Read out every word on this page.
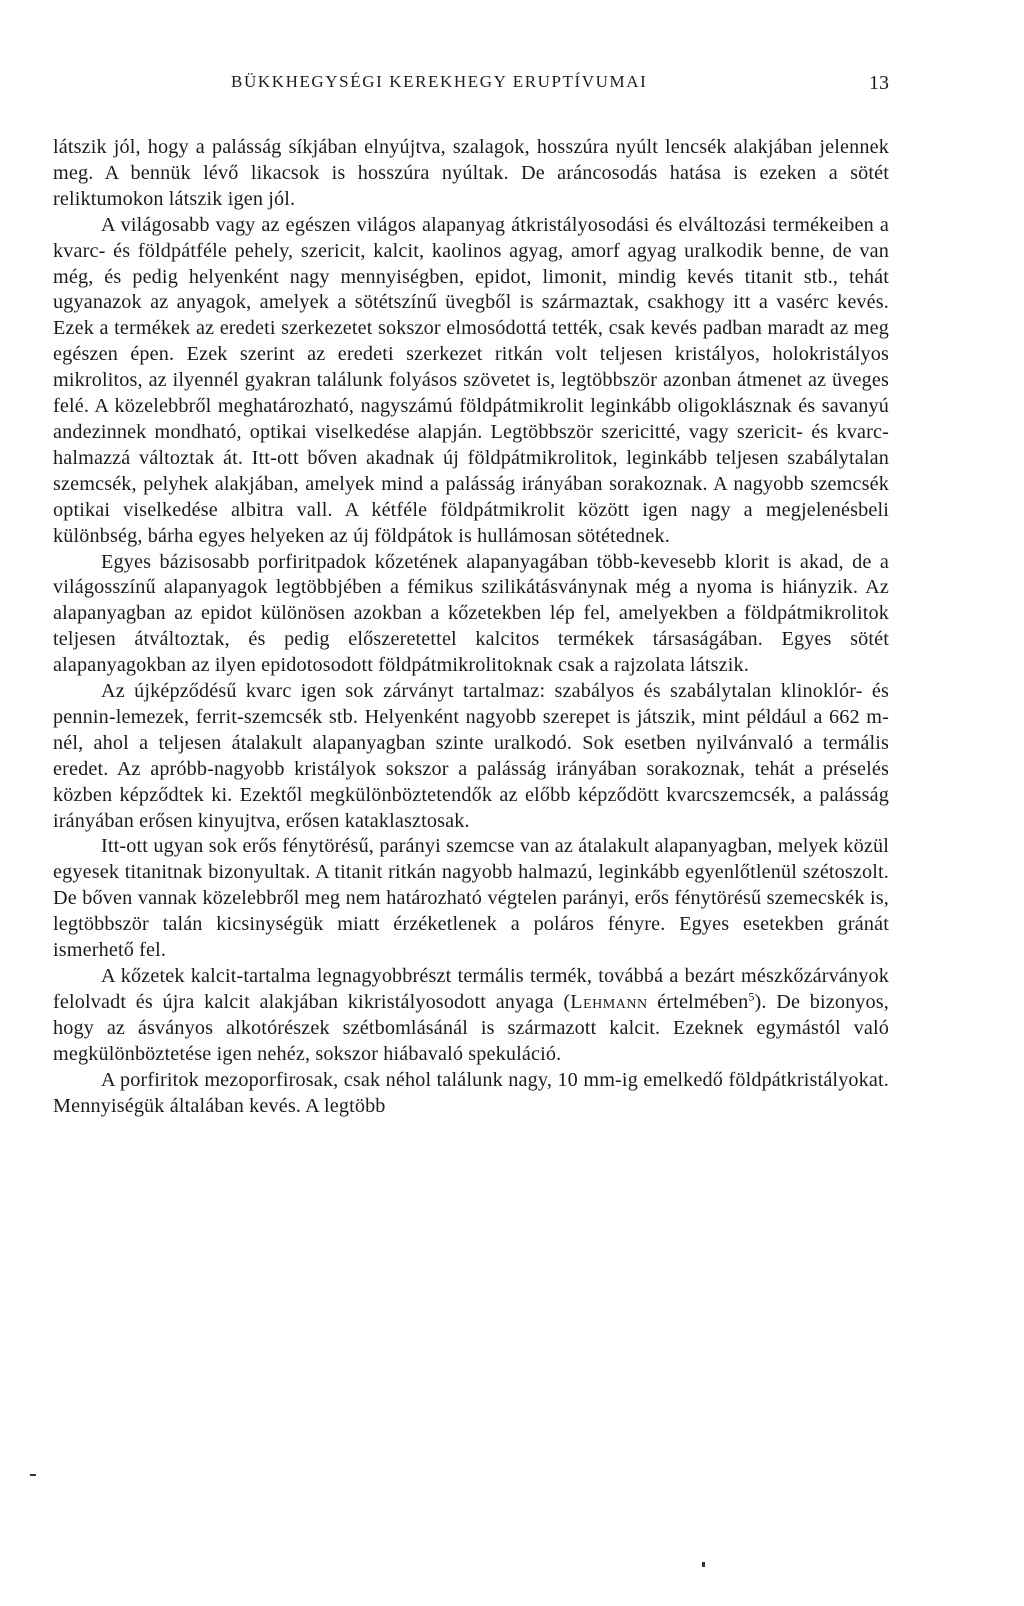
BÜKKHEGYSÉGI KEREKHEGY ERUPTÍVUMAI	13

látszik jól, hogy a palásság síkjában elnyújtva, szalagok, hosszúra nyúlt lencsék alakjában jelennek meg. A bennük lévő likacsok is hosszúra nyúltak. De aráncosodás hatása is ezeken a sötét reliktumokon látszik igen jól.

A világosabb vagy az egészen világos alapanyag átkristályosodási és elváltozási termékeiben a kvarc- és földpátféle pehely, szericit, kalcit, kaolinos agyag, amorf agyag uralkodik benne, de van még, és pedig helyenként nagy mennyiségben, epidot, limonit, mindig kevés titanit stb., tehát ugyanazok az anyagok, amelyek a sötétszínű üvegből is származtak, csakhogy itt a vasérc kevés. Ezek a termékek az eredeti szerkezetet sokszor elmosódottá tették, csak kevés padban maradt az meg egészen épen. Ezek szerint az eredeti szerkezet ritkán volt teljesen kristályos, holokristályos mikrolitos, az ilyennél gyakran találunk folyásos szövetet is, legtöbbször azonban átmenet az üveges felé. A közelebbről meghatározható, nagyszámú földpátmikrolit leginkább oligoklásznak és savanyú andezinnek mondható, optikai viselkedése alapján. Legtöbbször szericitté, vagy szericit- és kvarc-halmazzá változtak át. Itt-ott bőven akadnak új földpátmikrolitok, leginkább teljesen szabálytalan szemcsék, pelyhek alakjában, amelyek mind a palásság irányában sorakoznak. A nagyobb szemcsék optikai viselkedése albitra vall. A kétféle földpátmikrolit között igen nagy a megjelenésbeli különbség, bárha egyes helyeken az új földpátok is hullámosan sötétednek.

Egyes bázisosabb porfiritpadok kőzetének alapanyagában több-kevesebb klorit is akad, de a világosszínű alapanyagok legtöbbjében a fémikus szilikátásványnak még a nyoma is hiányzik. Az alapanyagban az epidot különösen azokban a kőzetekben lép fel, amelyekben a földpátmikrolitok teljesen átváltoztak, és pedig előszeretettel kalcitos termékek társaságában. Egyes sötét alapanyagokban az ilyen epidotosodott földpátmikrolitoknak csak a rajzolata látszik.

Az újképződésű kvarc igen sok zárványt tartalmaz: szabályos és szabálytalan klinoklór- és pennin-lemezek, ferrit-szemcsék stb. Helyenként nagyobb szerepet is játszik, mint például a 662 m-nél, ahol a teljesen átalakult alapanyagban szinte uralkodó. Sok esetben nyilvánvaló a termális eredet. Az apróbb-nagyobb kristályok sokszor a palásság irányában sorakoznak, tehát a préselés közben képződtek ki. Ezektől megkülönböztetendők az előbb képződött kvarcszemcsék, a palásság irányában erősen kinyujtva, erősen kataklasztosak.

Itt-ott ugyan sok erős fénytörésű, parányi szemcse van az átalakult alapanyagban, melyek közül egyesek titanitnak bizonyultak. A titanit ritkán nagyobb halmazú, leginkább egyenlőtlenül szétoszolt. De bőven vannak közelebbről meg nem határozható végtelen parányi, erős fénytörésű szemecskék is, legtöbbször talán kicsinységük miatt érzéketlenek a poláros fényre. Egyes esetekben gránát ismerhető fel.

A kőzetek kalcit-tartalma legnagyobbrészt termális termék, továbbá a bezárt mészkőzárványok felolvadt és újra kalcit alakjában kikristályosodott anyaga (Lehmann értelmében$^5$). De bizonyos, hogy az ásványos alkotórészek szétbomlásánál is származott kalcit. Ezeknek egymástól való megkülönböztetése igen nehéz, sokszor hiábavaló spekuláció.

A porfiritok mezoporfirosak, csak néhol találunk nagy, 10 mm-ig emelkedő földpátkristályokat. Mennyiségük általában kevés. A legtöbb
